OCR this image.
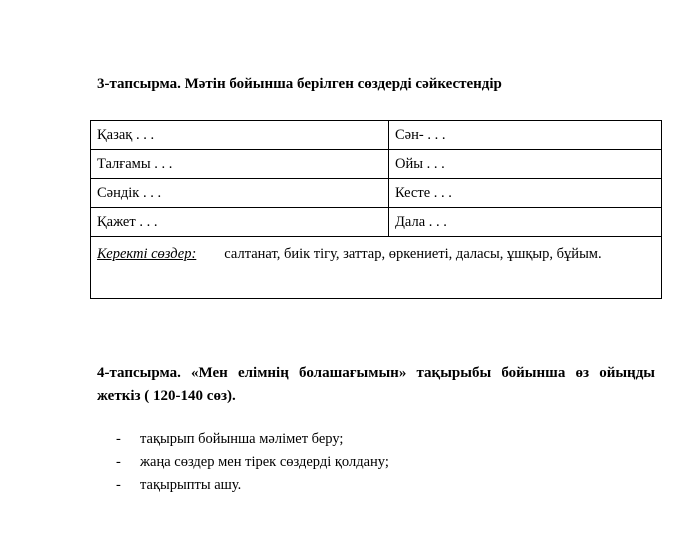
3-тапсырма. Мәтін бойынша берілген сөздерді сәйкестендір
Қазақ . . .	Сән- . . .
Талғамы . . .	Ойы . . .
Сәндік . . .	Кесте . . .
Қажет . . .	Дала . . .
Керекті сөздер: салтанат, биік тігу, заттар, өркениеті, даласы, ұшқыр, бұйым.	

4-тапсырма. «Мен елімнің болашағымын» тақырыбы бойынша өз ойыңды жеткіз ( 120-140 сөз).

- тақырып бойынша мәлімет беру;
- жаңа сөздер мен тірек сөздерді қолдану;
- тақырыпты ашу.
